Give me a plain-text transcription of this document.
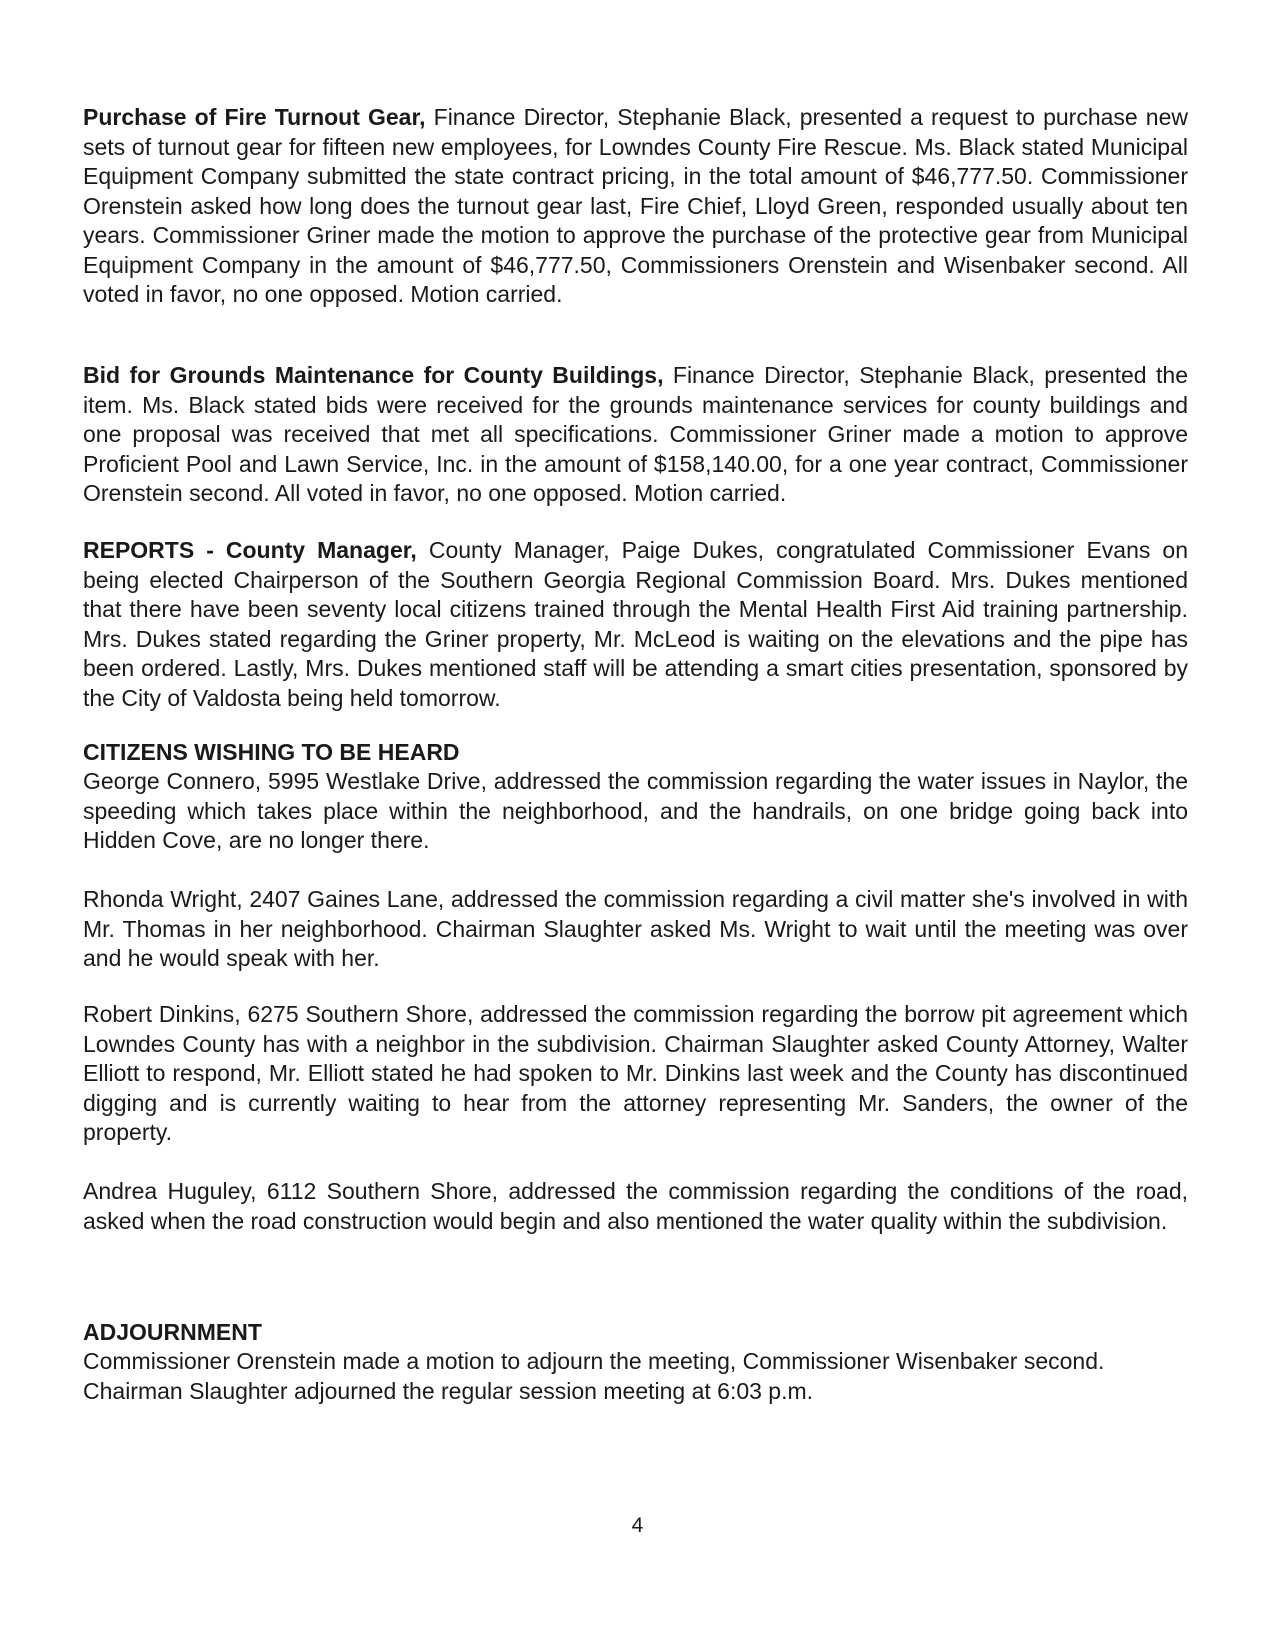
Purchase of Fire Turnout Gear, Finance Director, Stephanie Black, presented a request to purchase new sets of turnout gear for fifteen new employees, for Lowndes County Fire Rescue. Ms. Black stated Municipal Equipment Company submitted the state contract pricing, in the total amount of $46,777.50. Commissioner Orenstein asked how long does the turnout gear last, Fire Chief, Lloyd Green, responded usually about ten years. Commissioner Griner made the motion to approve the purchase of the protective gear from Municipal Equipment Company in the amount of $46,777.50, Commissioners Orenstein and Wisenbaker second. All voted in favor, no one opposed. Motion carried.
Bid for Grounds Maintenance for County Buildings, Finance Director, Stephanie Black, presented the item. Ms. Black stated bids were received for the grounds maintenance services for county buildings and one proposal was received that met all specifications. Commissioner Griner made a motion to approve Proficient Pool and Lawn Service, Inc. in the amount of $158,140.00, for a one year contract, Commissioner Orenstein second. All voted in favor, no one opposed. Motion carried.
REPORTS - County Manager, County Manager, Paige Dukes, congratulated Commissioner Evans on being elected Chairperson of the Southern Georgia Regional Commission Board. Mrs. Dukes mentioned that there have been seventy local citizens trained through the Mental Health First Aid training partnership. Mrs. Dukes stated regarding the Griner property, Mr. McLeod is waiting on the elevations and the pipe has been ordered. Lastly, Mrs. Dukes mentioned staff will be attending a smart cities presentation, sponsored by the City of Valdosta being held tomorrow.
CITIZENS WISHING TO BE HEARD
George Connero, 5995 Westlake Drive, addressed the commission regarding the water issues in Naylor, the speeding which takes place within the neighborhood, and the handrails, on one bridge going back into Hidden Cove, are no longer there.
Rhonda Wright, 2407 Gaines Lane, addressed the commission regarding a civil matter she's involved in with Mr. Thomas in her neighborhood. Chairman Slaughter asked Ms. Wright to wait until the meeting was over and he would speak with her.
Robert Dinkins, 6275 Southern Shore, addressed the commission regarding the borrow pit agreement which Lowndes County has with a neighbor in the subdivision. Chairman Slaughter asked County Attorney, Walter Elliott to respond, Mr. Elliott stated he had spoken to Mr. Dinkins last week and the County has discontinued digging and is currently waiting to hear from the attorney representing Mr. Sanders, the owner of the property.
Andrea Huguley, 6112 Southern Shore, addressed the commission regarding the conditions of the road, asked when the road construction would begin and also mentioned the water quality within the subdivision.
ADJOURNMENT
Commissioner Orenstein made a motion to adjourn the meeting, Commissioner Wisenbaker second. Chairman Slaughter adjourned the regular session meeting at 6:03 p.m.
4
